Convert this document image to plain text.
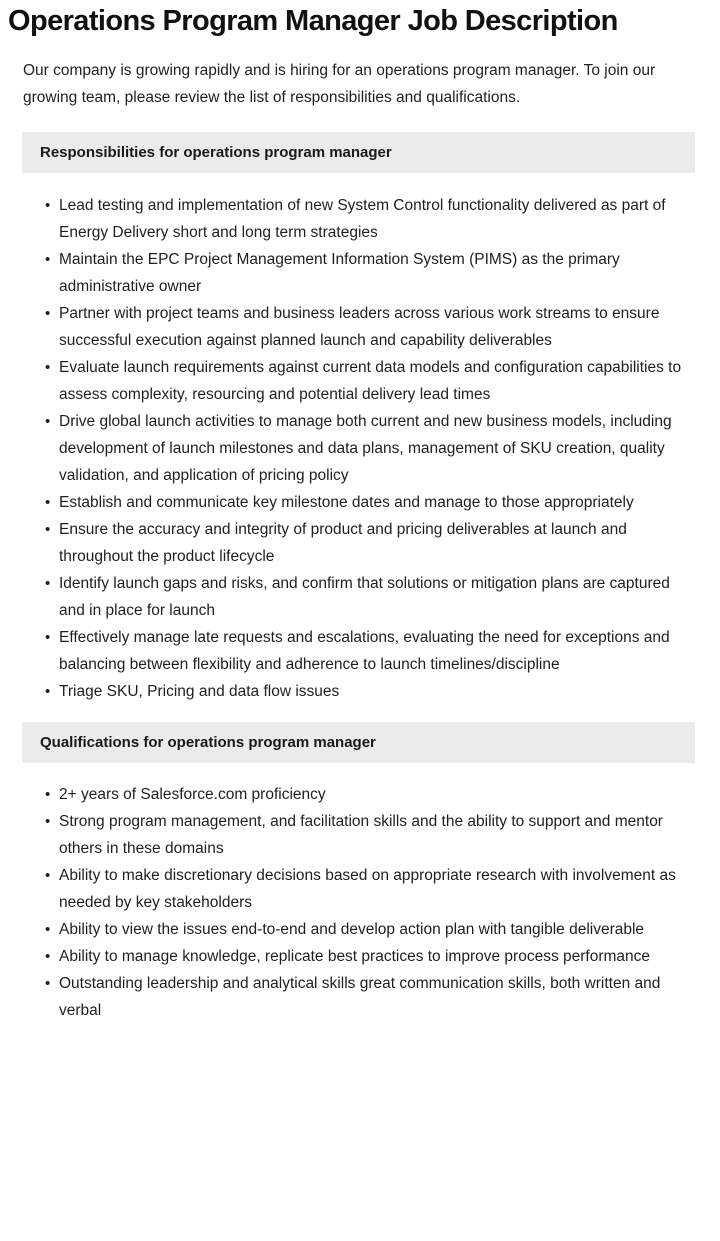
Operations Program Manager Job Description

Our company is growing rapidly and is hiring for an operations program manager. To join our growing team, please review the list of responsibilities and qualifications.

Responsibilities for operations program manager
• Lead testing and implementation of new System Control functionality delivered as part of Energy Delivery short and long term strategies
• Maintain the EPC Project Management Information System (PIMS) as the primary administrative owner
• Partner with project teams and business leaders across various work streams to ensure successful execution against planned launch and capability deliverables
• Evaluate launch requirements against current data models and configuration capabilities to assess complexity, resourcing and potential delivery lead times
• Drive global launch activities to manage both current and new business models, including development of launch milestones and data plans, management of SKU creation, quality validation, and application of pricing policy
• Establish and communicate key milestone dates and manage to those appropriately
• Ensure the accuracy and integrity of product and pricing deliverables at launch and throughout the product lifecycle
• Identify launch gaps and risks, and confirm that solutions or mitigation plans are captured and in place for launch
• Effectively manage late requests and escalations, evaluating the need for exceptions and balancing between flexibility and adherence to launch timelines/discipline
• Triage SKU, Pricing and data flow issues
Qualifications for operations program manager
• 2+ years of Salesforce.com proficiency
• Strong program management, and facilitation skills and the ability to support and mentor others in these domains
• Ability to make discretionary decisions based on appropriate research with involvement as needed by key stakeholders
• Ability to view the issues end-to-end and develop action plan with tangible deliverable
• Ability to manage knowledge, replicate best practices to improve process performance
• Outstanding leadership and analytical skills great communication skills, both written and verbal
